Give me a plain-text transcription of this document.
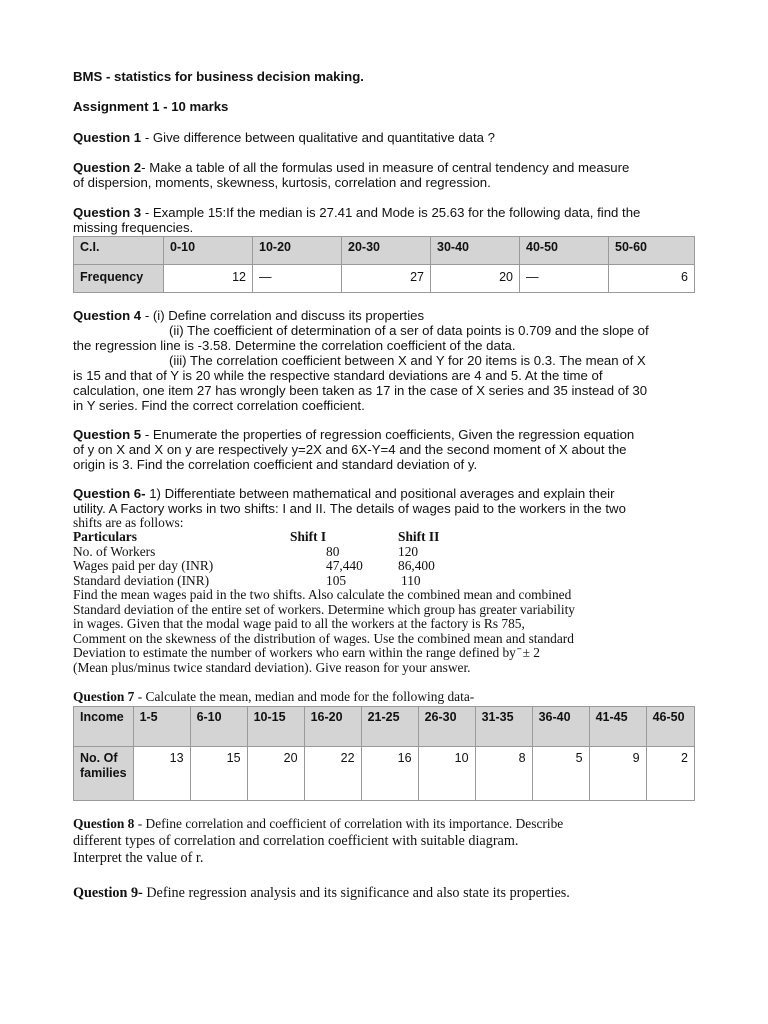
BMS - statistics for business decision making.

Assignment 1 - 10 marks

Question 1 - Give difference between qualitative and quantitative data ?

Question 2- Make a table of all the formulas used in measure of central tendency and measure

of dispersion, moments, skewness, kurtosis, correlation and regression.

Question 3 - Example 15:If the median is 27.41 and Mode is 25.63 for the following data, find the

missing frequencies.

C.I.	0-10	10-20	20-30	30-40	40-50	50-60
Frequency	12	—	27	20	—	6

Question 4 - (i) Define correlation and discuss its properties

(ii) The coefficient of determination of a ser of data points is 0.709 and the slope of

the regression line is -3.58. Determine the correlation coefficient of the data.

(iii) The correlation coefficient between X and Y for 20 items is 0.3. The mean of X

is 15 and that of Y is 20 while the respective standard deviations are 4 and 5. At the time of

calculation, one item 27 has wrongly been taken as 17 in the case of X series and 35 instead of 30

in Y series. Find the correct correlation coefficient.

Question 5 - Enumerate the properties of regression coefficients, Given the regression equation

of y on X and X on y are respectively y=2X and 6X-Y=4 and the second moment of X about the

origin is 3. Find the correlation coefficient and standard deviation of y.

Question 6- 1) Differentiate between mathematical and positional averages and explain their

utility. A Factory works in two shifts: I and II. The details of wages paid to the workers in the two

shifts are as follows:

Particulars	Shift I	Shift II
No. of Workers	80	120
Wages paid per day (INR)	47,440	86,400
Standard deviation (INR)	105	110

Find the mean wages paid in the two shifts. Also calculate the combined mean and combined

Standard deviation of the entire set of workers. Determine which group has greater variability

in wages. Given that the modal wage paid to all the workers at the factory is Rs 785,

Comment on the skewness of the distribution of wages. Use the combined mean and standard

Deviation to estimate the number of workers who earn within the range defined by ̄ ± 2

(Mean plus/minus twice standard deviation). Give reason for your answer.

Question 7 - Calculate the mean, median and mode for the following data-

Income	1-5	6-10	10-15	16-20	21-25	26-30	31-35	36-40	41-45	46-50
No. Of families	13	15	20	22	16	10	8	5	9	2

Question 8 - Define correlation and coefficient of correlation with its importance. Describe

different types of correlation and correlation coefficient with suitable diagram.

Interpret the value of r.

Question 9- Define regression analysis and its significance and also state its properties.
